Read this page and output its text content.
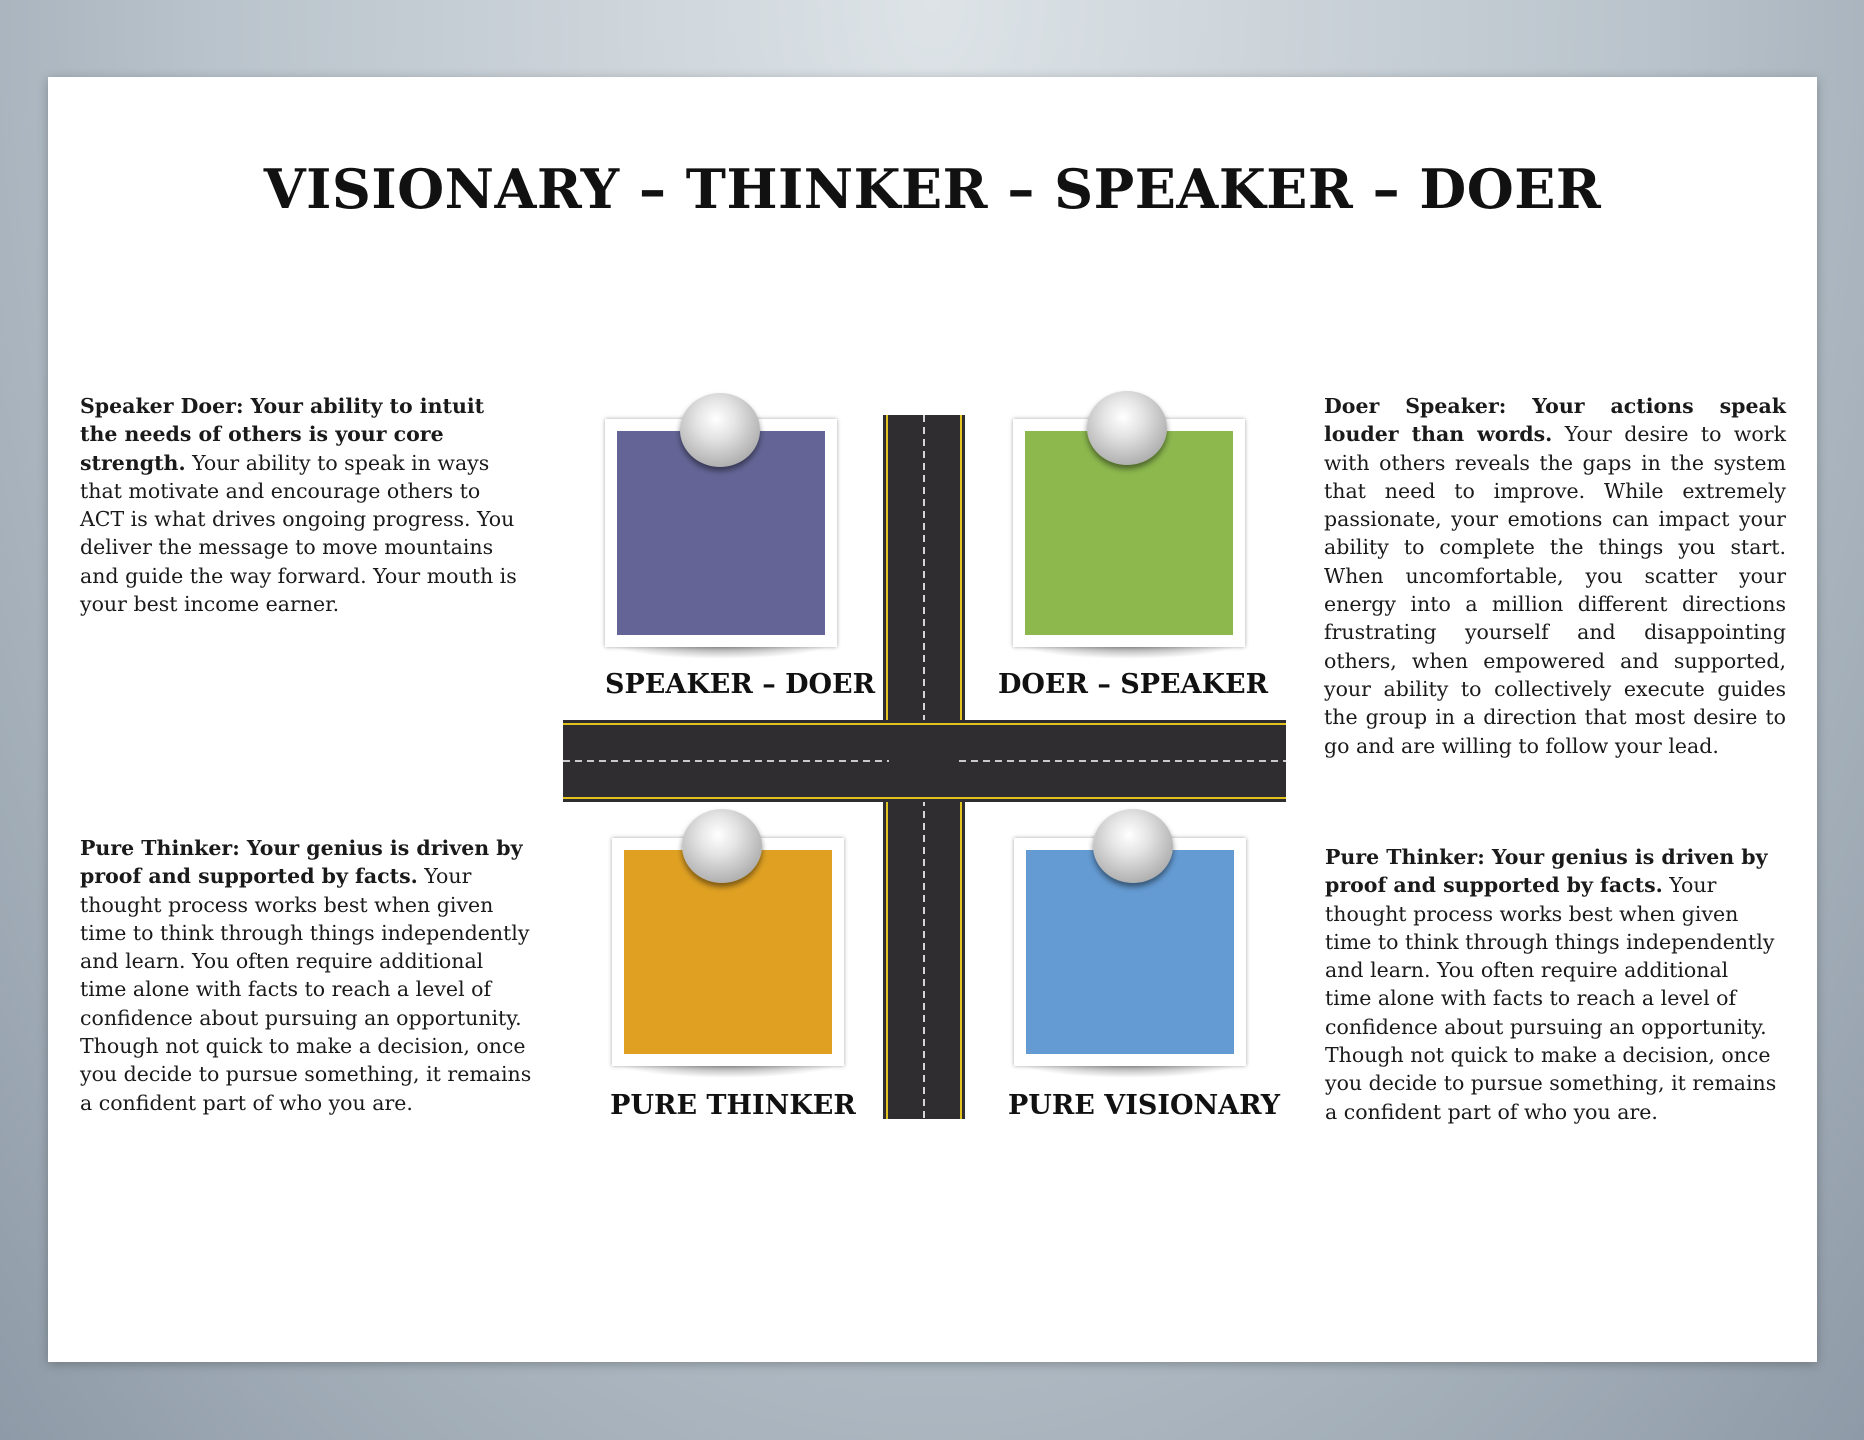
VISIONARY – THINKER – SPEAKER – DOER
Speaker Doer: Your ability to intuit the needs of others is your core strength. Your ability to speak in ways that motivate and encourage others to ACT is what drives ongoing progress. You deliver the message to move mountains and guide the way forward. Your mouth is your best income earner.
Pure Thinker: Your genius is driven by proof and supported by facts. Your thought process works best when given time to think through things independently and learn. You often require additional time alone with facts to reach a level of confidence about pursuing an opportunity. Though not quick to make a decision, once you decide to pursue something, it remains a confident part of who you are.
Doer Speaker: Your actions speak louder than words. Your desire to work with others reveals the gaps in the system that need to improve. While extremely passionate, your emotions can impact your ability to complete the things you start. When uncomfortable, you scatter your energy into a million different directions frustrating yourself and disappointing others, when empowered and supported, your ability to collectively execute guides the group in a direction that most desire to go and are willing to follow your lead.
Pure Thinker: Your genius is driven by proof and supported by facts. Your thought process works best when given time to think through things independently and learn. You often require additional time alone with facts to reach a level of confidence about pursuing an opportunity. Though not quick to make a decision, once you decide to pursue something, it remains a confident part of who you are.
SPEAKER – DOER	DOER – SPEAKER
PURE THINKER	PURE VISIONARY
